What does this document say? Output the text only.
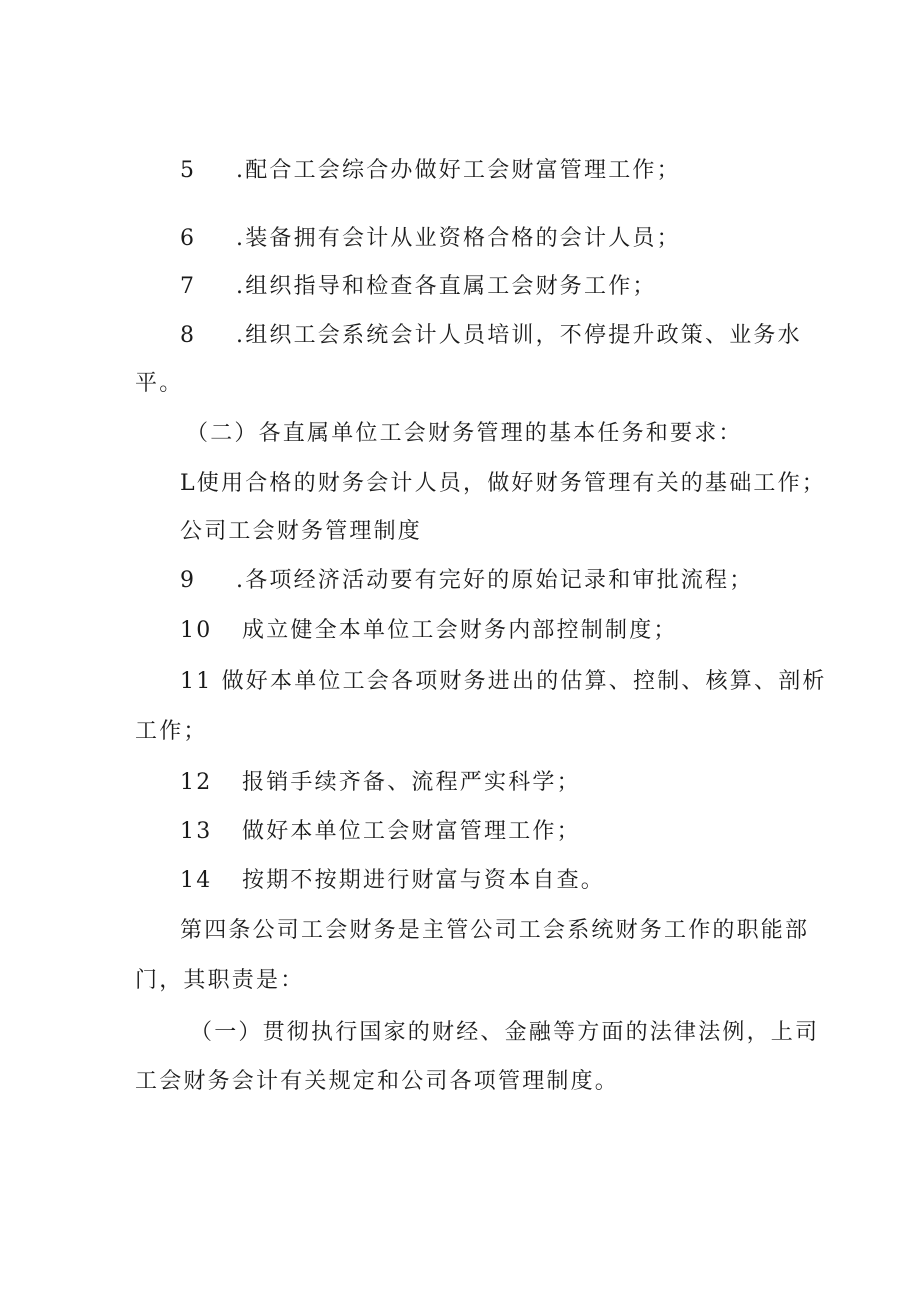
5 .配合工会综合办做好工会财富管理工作；
6 .装备拥有会计从业资格合格的会计人员；
7 .组织指导和检查各直属工会财务工作；
8 .组织工会系统会计人员培训，不停提升政策、业务水
平。
（二）各直属单位工会财务管理的基本任务和要求：
L使用合格的财务会计人员，做好财务管理有关的基础工作；
公司工会财务管理制度
9 .各项经济活动要有完好的原始记录和审批流程；
10 成立健全本单位工会财务内部控制制度；
11 做好本单位工会各项财务进出的估算、控制、核算、剖析
工作；
12 报销手续齐备、流程严实科学；
13 做好本单位工会财富管理工作；
14 按期不按期进行财富与资本自查。
第四条公司工会财务是主管公司工会系统财务工作的职能部
门，其职责是：
（一）贯彻执行国家的财经、金融等方面的法律法例，上司
工会财务会计有关规定和公司各项管理制度。
